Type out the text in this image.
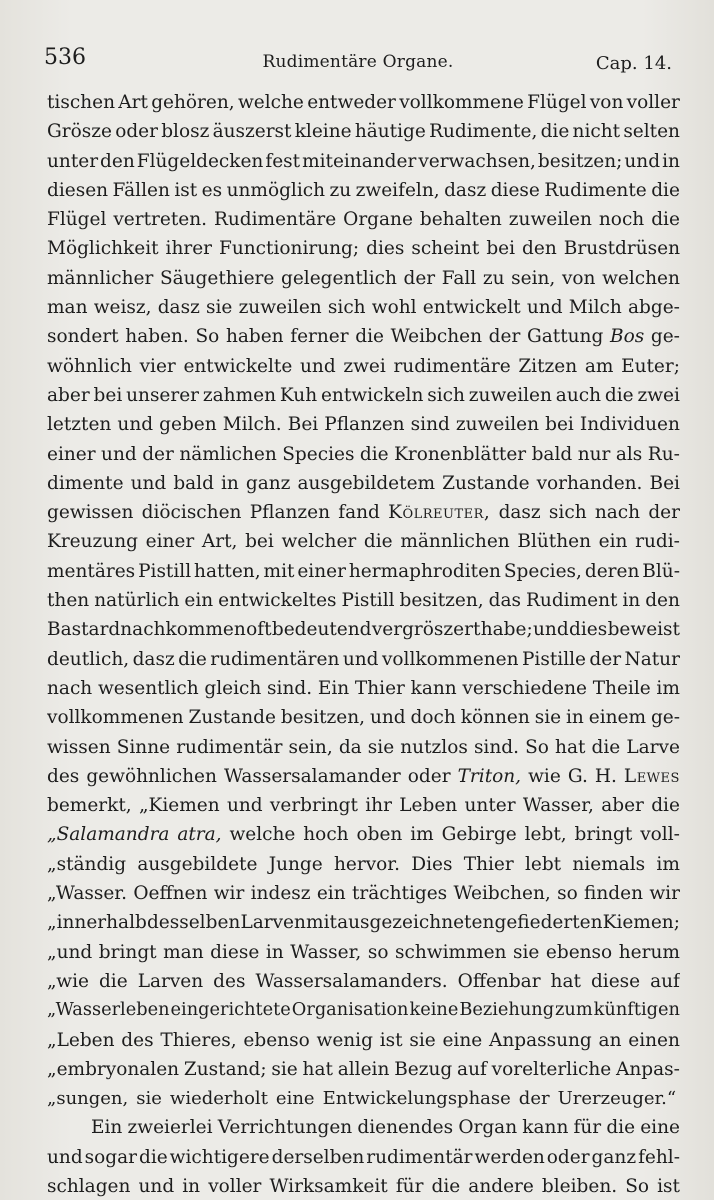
536	Rudimentäre Organe.	Cap. 14.
tischen Art gehören, welche entweder vollkommene Flügel von voller
Grösze oder blosz äuszerst kleine häutige Rudimente, die nicht selten
unter den Flügeldecken fest miteinander verwachsen, besitzen; und in
diesen Fällen ist es unmöglich zu zweifeln, dasz diese Rudimente die
Flügel vertreten. Rudimentäre Organe behalten zuweilen noch die
Möglichkeit ihrer Functionirung; dies scheint bei den Brustdrüsen
männlicher Säugethiere gelegentlich der Fall zu sein, von welchen
man weisz, dasz sie zuweilen sich wohl entwickelt und Milch abge-
sondert haben. So haben ferner die Weibchen der Gattung Bos ge-
wöhnlich vier entwickelte und zwei rudimentäre Zitzen am Euter;
aber bei unserer zahmen Kuh entwickeln sich zuweilen auch die zwei
letzten und geben Milch. Bei Pflanzen sind zuweilen bei Individuen
einer und der nämlichen Species die Kronenblätter bald nur als Ru-
dimente und bald in ganz ausgebildetem Zustande vorhanden. Bei
gewissen diöcischen Pflanzen fand Kölreuter, dasz sich nach der
Kreuzung einer Art, bei welcher die männlichen Blüthen ein rudi-
mentäres Pistill hatten, mit einer hermaphroditen Species, deren Blü-
then natürlich ein entwickeltes Pistill besitzen, das Rudiment in den
Bastardnachkommen oft bedeutend vergröszert habe; und dies beweist
deutlich, dasz die rudimentären und vollkommenen Pistille der Natur
nach wesentlich gleich sind. Ein Thier kann verschiedene Theile im
vollkommenen Zustande besitzen, und doch können sie in einem ge-
wissen Sinne rudimentär sein, da sie nutzlos sind. So hat die Larve
des gewöhnlichen Wassersalamander oder Triton, wie G. H. Lewes
bemerkt, „Kiemen und verbringt ihr Leben unter Wasser, aber die
„Salamandra atra, welche hoch oben im Gebirge lebt, bringt voll-
„ständig ausgebildete Junge hervor. Dies Thier lebt niemals im
„Wasser. Oeffnen wir indesz ein trächtiges Weibchen, so finden wir
„innerhalb desselben Larven mit ausgezeichneten gefiederten Kiemen;
„und bringt man diese in Wasser, so schwimmen sie ebenso herum
„wie die Larven des Wassersalamanders. Offenbar hat diese auf
„Wasserleben eingerichtete Organisation keine Beziehung zum künftigen
„Leben des Thieres, ebenso wenig ist sie eine Anpassung an einen
„embryonalen Zustand; sie hat allein Bezug auf vorelterliche Anpas-
„sungen, sie wiederholt eine Entwickelungsphase der Urerzeuger.“
Ein zweierlei Verrichtungen dienendes Organ kann für die eine
und sogar die wichtigere derselben rudimentär werden oder ganz fehl-
schlagen und in voller Wirksamkeit für die andere bleiben. So ist
